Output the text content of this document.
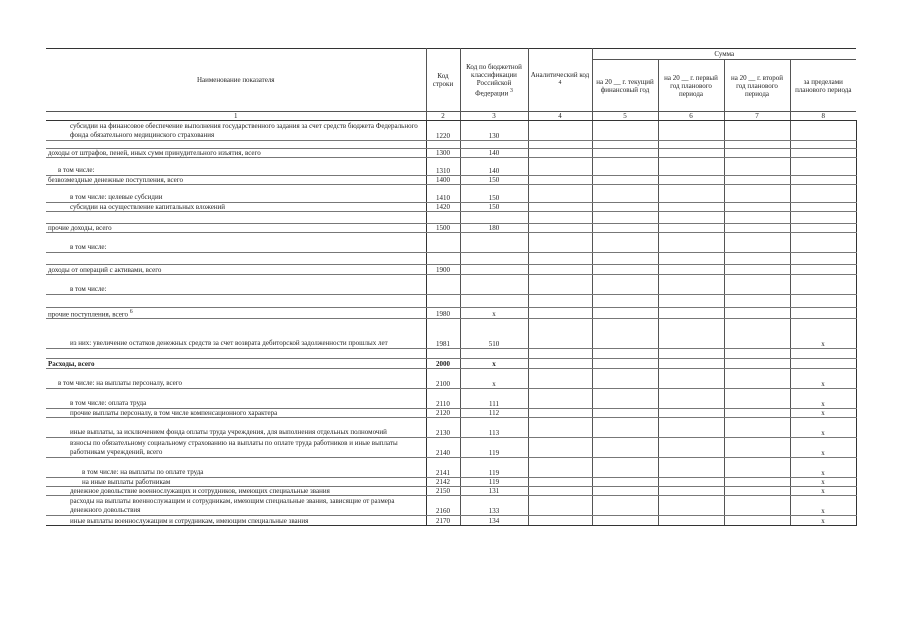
Наименование показателя	Код строки	Код по бюджетной классификации Российской Федерации $^3$	Аналитический код $^4$	Сумма			
				на 20 __ г. текущий финансовый год	на 20 __ г. первый год планового периода	на 20 __ г. второй год планового периода	за пределами планового периода
1	2	3	4	5	6	7	8
субсидии на финансовое обеспечение выполнения государственного задания за счет средств бюджета Федерального фонда обязательного медицинского страхования	1220	130					

доходы от штрафов, пеней, иных сумм принудительного изъятия, всего	1300	140					
в том числе:	1310	140					
безвозмездные денежные поступления, всего	1400	150					
в том числе: целевые субсидии	1410	150					
субсидии на осуществление капитальных вложений	1420	150					

прочие доходы, всего	1500	180					
в том числе:							

доходы от операций с активами, всего	1900						
в том числе:							

прочие поступления, всего $^6$	1980	х					
из них: увеличение остатков денежных средств за счет возврата дебиторской задолженности прошлых лет	1981	510					х

Расходы, всего	2000	х					
в том числе: на выплаты персоналу, всего	2100	х					х
в том числе: оплата труда	2110	111					х
прочие выплаты персоналу, в том числе компенсационного характера	2120	112					х
иные выплаты, за исключением фонда оплаты труда учреждения, для выполнения отдельных полномочий	2130	113					х
взносы по обязательному социальному страхованию на выплаты по оплате труда работников и иные выплаты работникам учреждений, всего	2140	119					х
в том числе: на выплаты по оплате труда	2141	119					х
на иные выплаты работникам	2142	119					х
денежное довольствие военнослужащих и сотрудников, имеющих специальные звания	2150	131					х
расходы на выплаты военнослужащим и сотрудникам, имеющим специальные звания, зависящие от размера денежного довольствия	2160	133					х
иные выплаты военнослужащим и сотрудникам, имеющим специальные звания	2170	134					х
